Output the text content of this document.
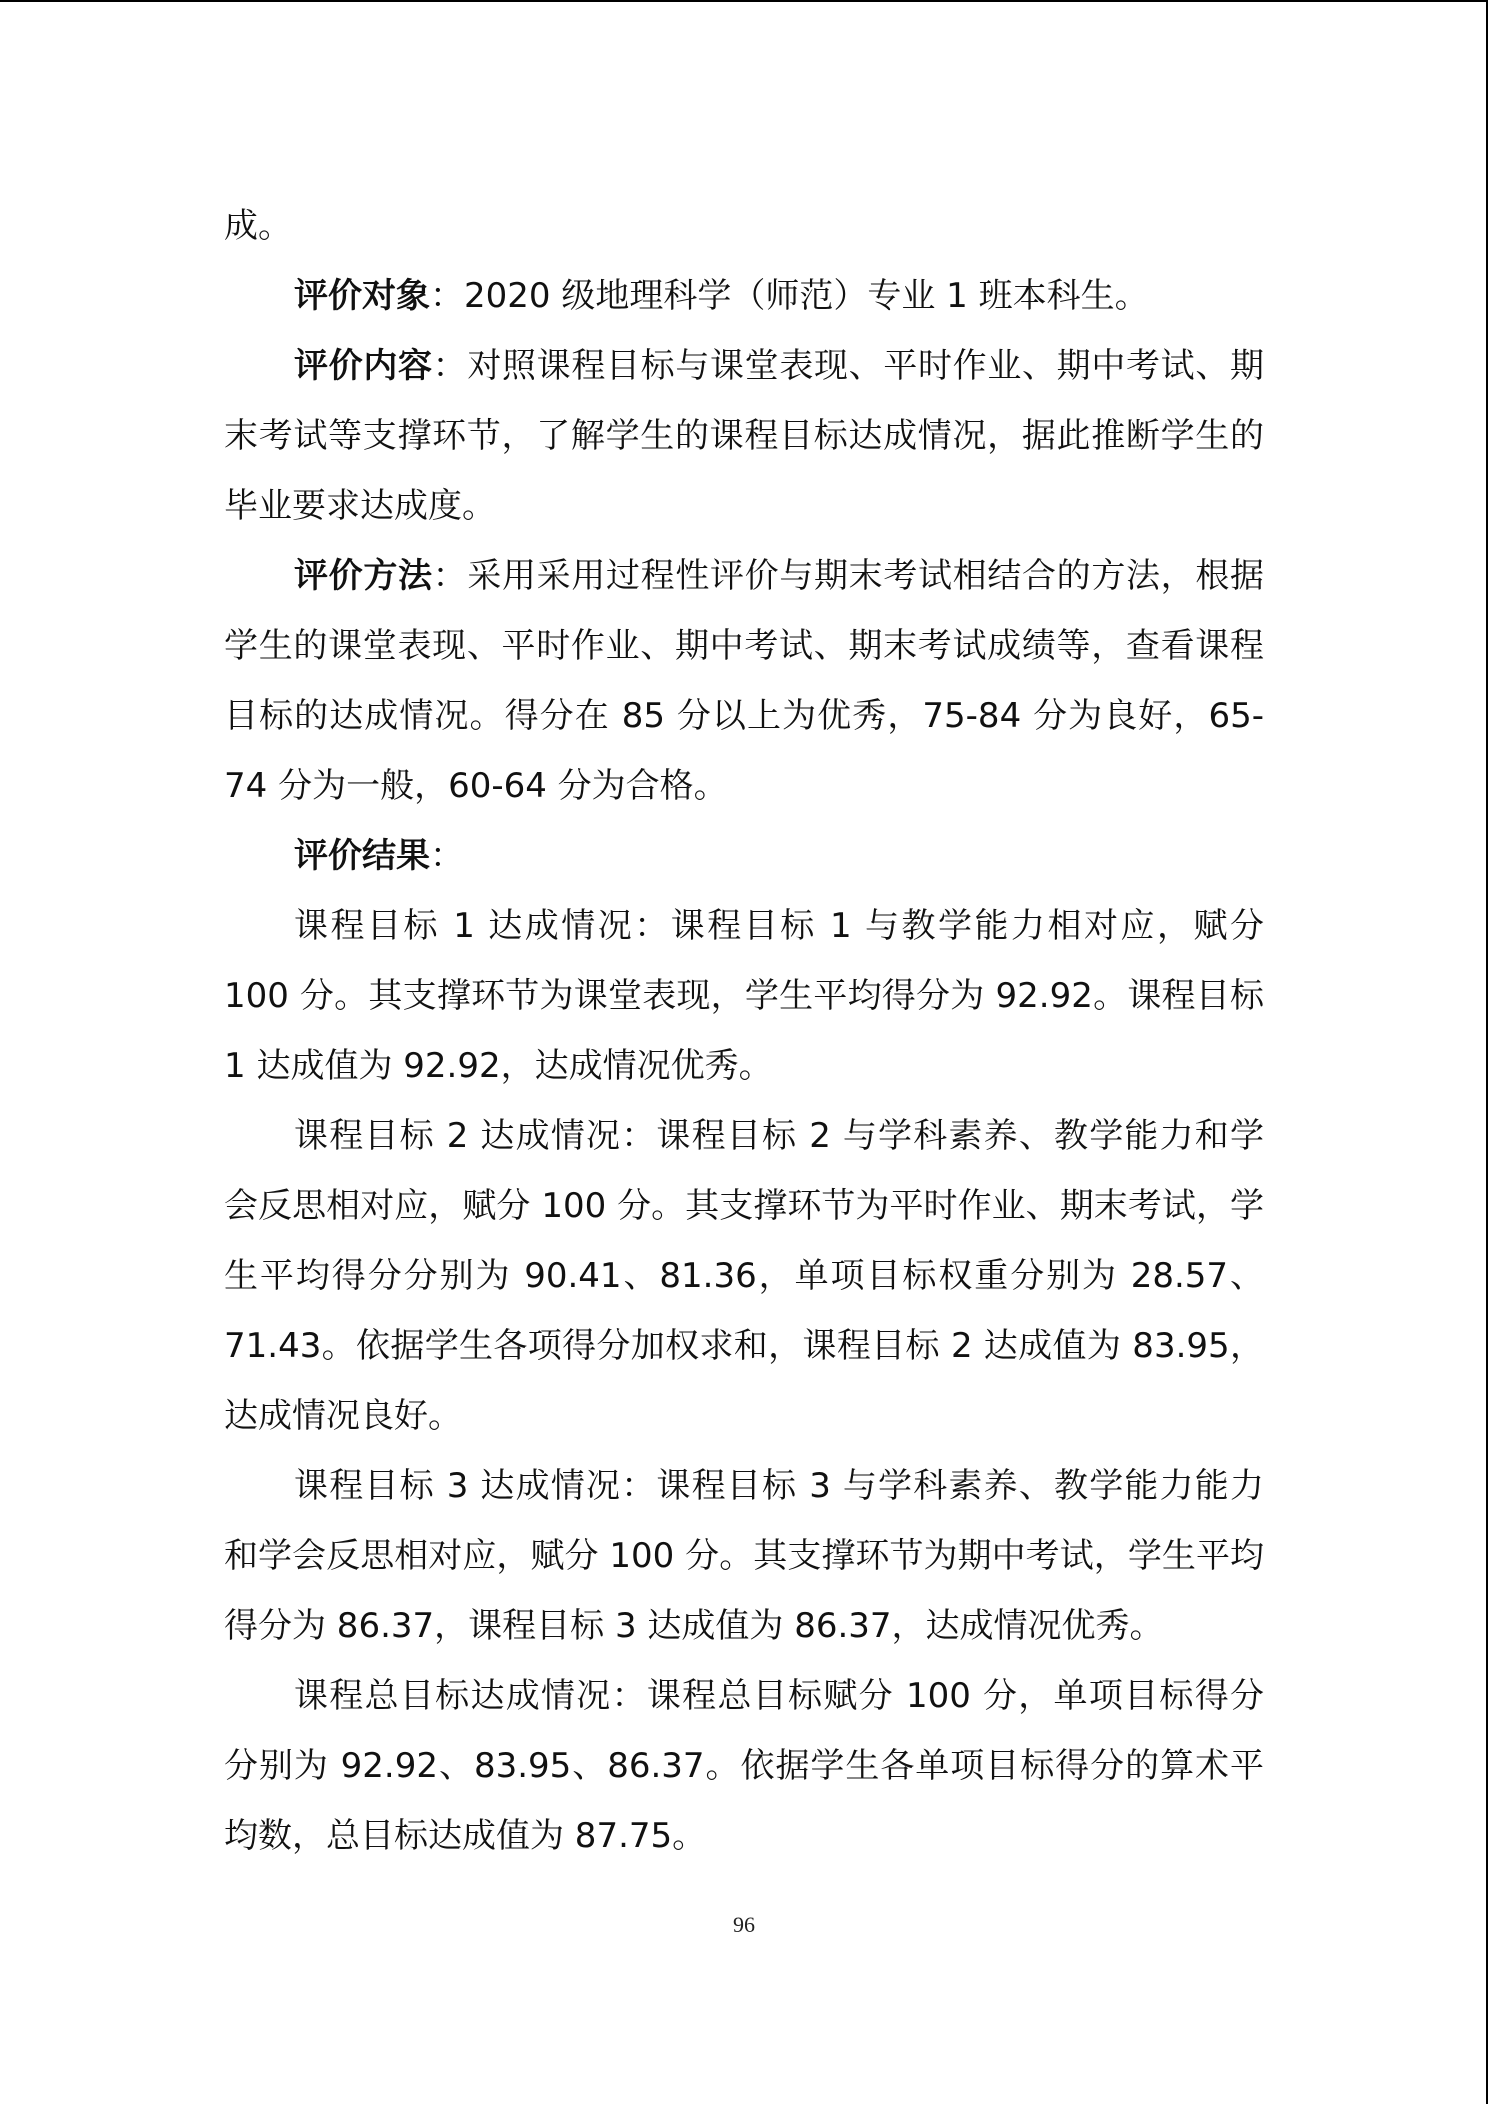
成。

评价对象：2020 级地理科学（师范）专业 1 班本科生。

评价内容：对照课程目标与课堂表现、平时作业、期中考试、期末考试等支撑环节，了解学生的课程目标达成情况，据此推断学生的毕业要求达成度。

评价方法：采用采用过程性评价与期末考试相结合的方法，根据学生的课堂表现、平时作业、期中考试、期末考试成绩等，查看课程目标的达成情况。得分在 85 分以上为优秀，75-84 分为良好，65-74 分为一般，60-64 分为合格。

评价结果：

课程目标 1 达成情况：课程目标 1 与教学能力相对应，赋分 100 分。其支撑环节为课堂表现，学生平均得分为 92.92。课程目标 1 达成值为 92.92，达成情况优秀。

课程目标 2 达成情况：课程目标 2 与学科素养、教学能力和学会反思相对应，赋分 100 分。其支撑环节为平时作业、期末考试，学生平均得分分别为 90.41、81.36，单项目标权重分别为 28.57、71.43。依据学生各项得分加权求和，课程目标 2 达成值为 83.95，达成情况良好。

课程目标 3 达成情况：课程目标 3 与学科素养、教学能力能力和学会反思相对应，赋分 100 分。其支撑环节为期中考试，学生平均得分为 86.37，课程目标 3 达成值为 86.37，达成情况优秀。

课程总目标达成情况：课程总目标赋分 100 分，单项目标得分分别为 92.92、83.95、86.37。依据学生各单项目标得分的算术平均数，总目标达成值为 87.75。

96
